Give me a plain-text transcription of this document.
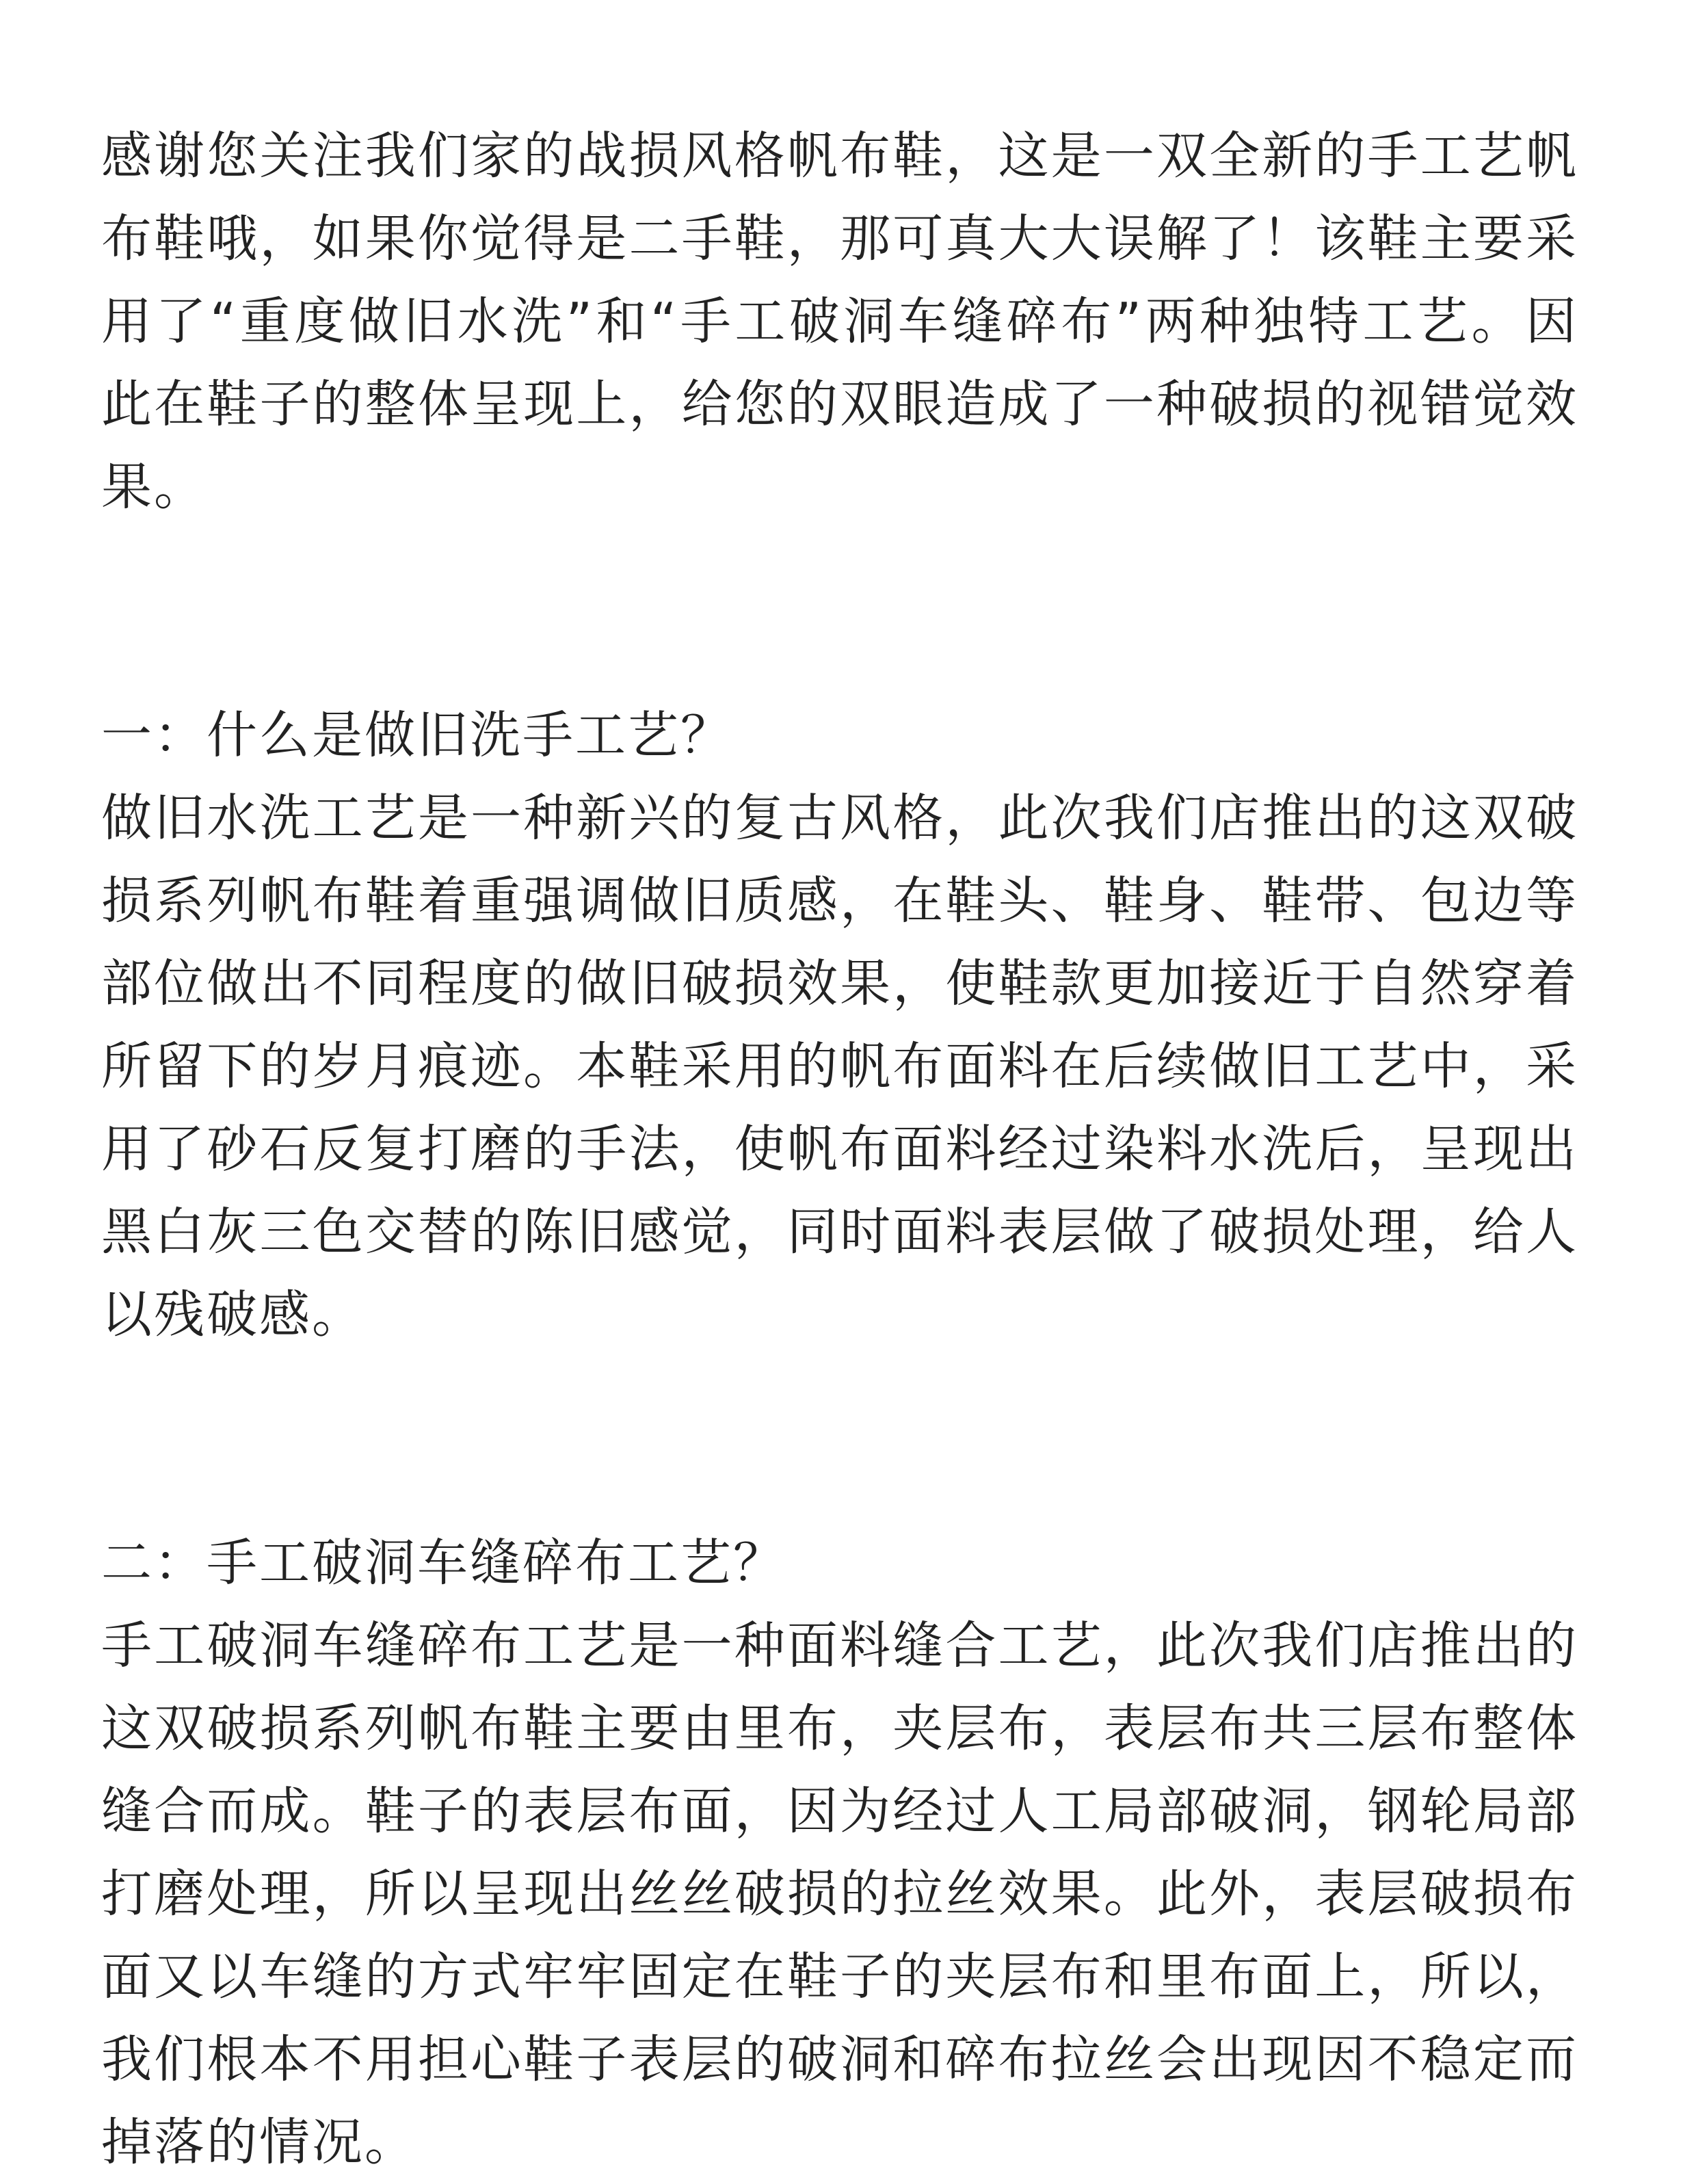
感谢您关注我们家的战损风格帆布鞋，这是一双全新的手工艺帆布鞋哦，如果你觉得是二手鞋，那可真大大误解了！该鞋主要采用了“重度做旧水洗”和“手工破洞车缝碎布”两种独特工艺。因此在鞋子的整体呈现上，给您的双眼造成了一种破损的视错觉效果。

一：什么是做旧洗手工艺？

做旧水洗工艺是一种新兴的复古风格，此次我们店推出的这双破损系列帆布鞋着重强调做旧质感，在鞋头、鞋身、鞋带、包边等部位做出不同程度的做旧破损效果，使鞋款更加接近于自然穿着所留下的岁月痕迹。本鞋采用的帆布面料在后续做旧工艺中，采用了砂石反复打磨的手法，使帆布面料经过染料水洗后，呈现出黑白灰三色交替的陈旧感觉，同时面料表层做了破损处理，给人以残破感。

二：手工破洞车缝碎布工艺？

手工破洞车缝碎布工艺是一种面料缝合工艺，此次我们店推出的这双破损系列帆布鞋主要由里布，夹层布，表层布共三层布整体缝合而成。鞋子的表层布面，因为经过人工局部破洞，钢轮局部打磨处理，所以呈现出丝丝破损的拉丝效果。此外，表层破损布面又以车缝的方式牢牢固定在鞋子的夹层布和里布面上，所以，我们根本不用担心鞋子表层的破洞和碎布拉丝会出现因不稳定而掉落的情况。
